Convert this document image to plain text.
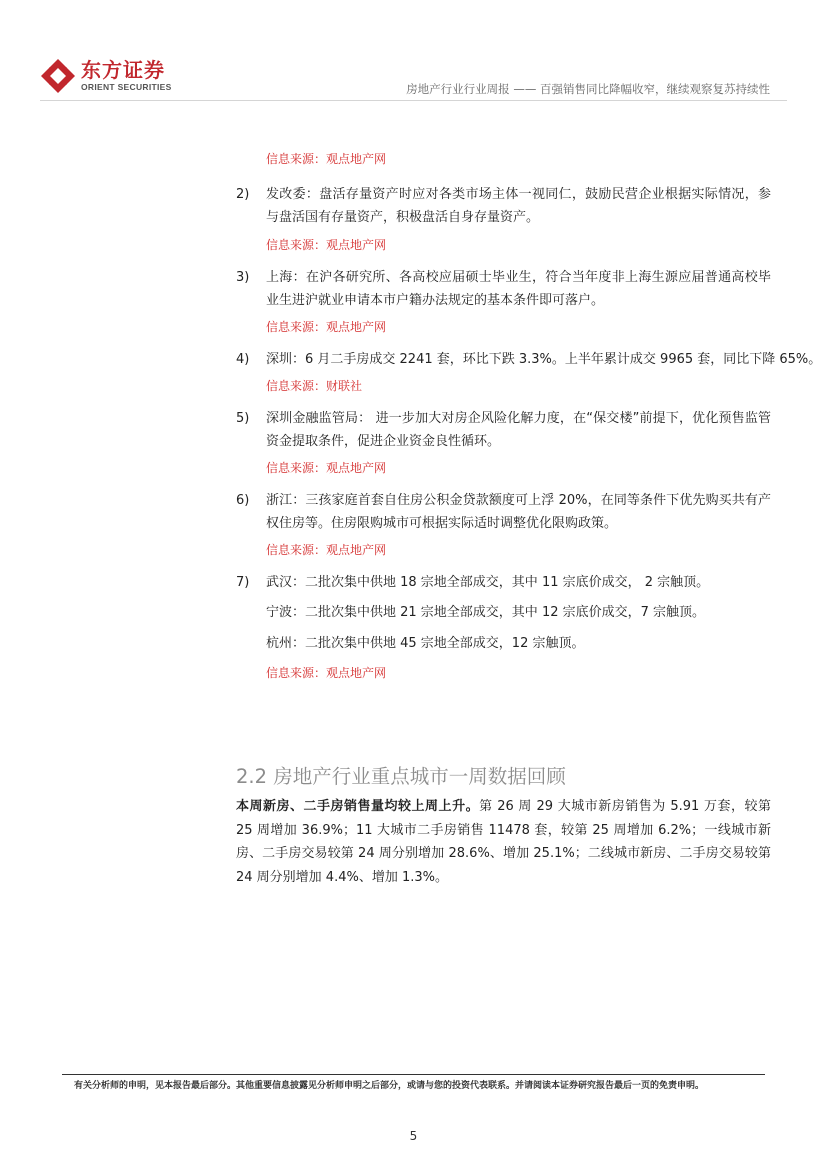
东方证券
ORIENT SECURITIES	房地产行业行业周报 —— 百强销售同比降幅收窄，继续观察复苏持续性
信息来源：观点地产网
2)	发改委：盘活存量资产时应对各类市场主体一视同仁，鼓励民营企业根据实际情况，参与盘活国有存量资产，积极盘活自身存量资产。
信息来源：观点地产网
3)	上海：在沪各研究所、各高校应届硕士毕业生，符合当年度非上海生源应届普通高校毕业生进沪就业申请本市户籍办法规定的基本条件即可落户。
信息来源：观点地产网
4)	深圳：6 月二手房成交 2241 套，环比下跌 3.3%。上半年累计成交 9965 套，同比下降 65%。
信息来源：财联社
5)	深圳金融监管局： 进一步加大对房企风险化解力度，在“保交楼”前提下，优化预售监管资金提取条件，促进企业资金良性循环。
信息来源：观点地产网
6)	浙江：三孩家庭首套自住房公积金贷款额度可上浮 20%，在同等条件下优先购买共有产权住房等。住房限购城市可根据实际适时调整优化限购政策。
信息来源：观点地产网
7)	武汉：二批次集中供地 18 宗地全部成交，其中 11 宗底价成交， 2 宗触顶。
宁波：二批次集中供地 21 宗地全部成交，其中 12 宗底价成交，7 宗触顶。
杭州：二批次集中供地 45 宗地全部成交，12 宗触顶。
信息来源：观点地产网
2.2 房地产行业重点城市一周数据回顾
本周新房、二手房销售量均较上周上升。第 26 周 29 大城市新房销售为 5.91 万套，较第 25 周增加 36.9%；11 大城市二手房销售 11478 套，较第 25 周增加 6.2%；一线城市新房、二手房交易较第 24 周分别增加 28.6%、增加 25.1%；二线城市新房、二手房交易较第 24 周分别增加 4.4%、增加 1.3%。
有关分析师的申明，见本报告最后部分。其他重要信息披露见分析师申明之后部分，或请与您的投资代表联系。并请阅读本证券研究报告最后一页的免责申明。
5
